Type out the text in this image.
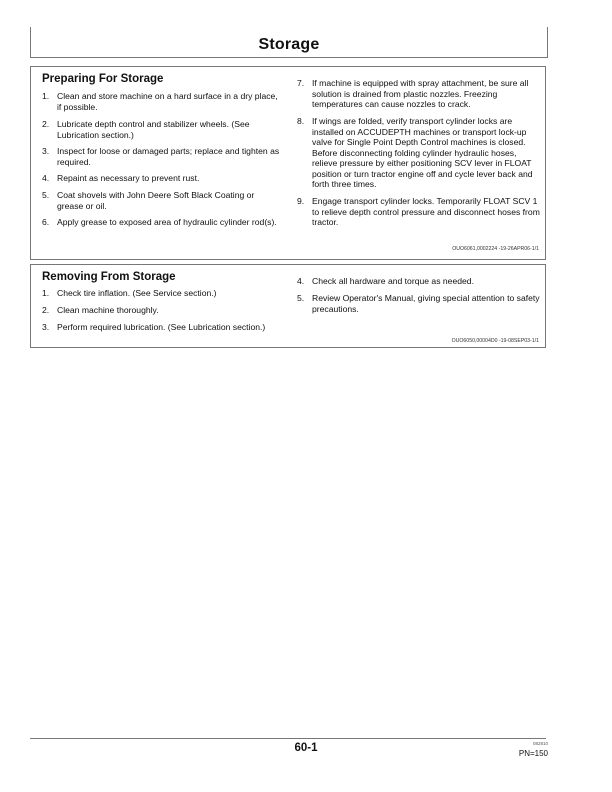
Storage
Preparing For Storage
1. Clean and store machine on a hard surface in a dry place, if possible.
2. Lubricate depth control and stabilizer wheels. (See Lubrication section.)
3. Inspect for loose or damaged parts; replace and tighten as required.
4. Repaint as necessary to prevent rust.
5. Coat shovels with John Deere Soft Black Coating or grease or oil.
6. Apply grease to exposed area of hydraulic cylinder rod(s).
7. If machine is equipped with spray attachment, be sure all solution is drained from plastic nozzles. Freezing temperatures can cause nozzles to crack.
8. If wings are folded, verify transport cylinder locks are installed on ACCUDEPTH machines or transport lock-up valve for Single Point Depth Control machines is closed. Before disconnecting folding cylinder hydraulic hoses, relieve pressure by either positioning SCV lever in FLOAT position or turn tractor engine off and cycle lever back and forth three times.
9. Engage transport cylinder locks. Temporarily FLOAT SCV 1 to relieve depth control pressure and disconnect hoses from tractor.
OUO6061,0002224 -19-26APR06-1/1
Removing From Storage
1. Check tire inflation. (See Service section.)
2. Clean machine thoroughly.
3. Perform required lubrication. (See Lubrication section.)
4. Check all hardware and torque as needed.
5. Review Operator's Manual, giving special attention to safety precautions.
OUO6050,00004D0 -19-08SEP03-1/1
60-1	082810
PN=150
